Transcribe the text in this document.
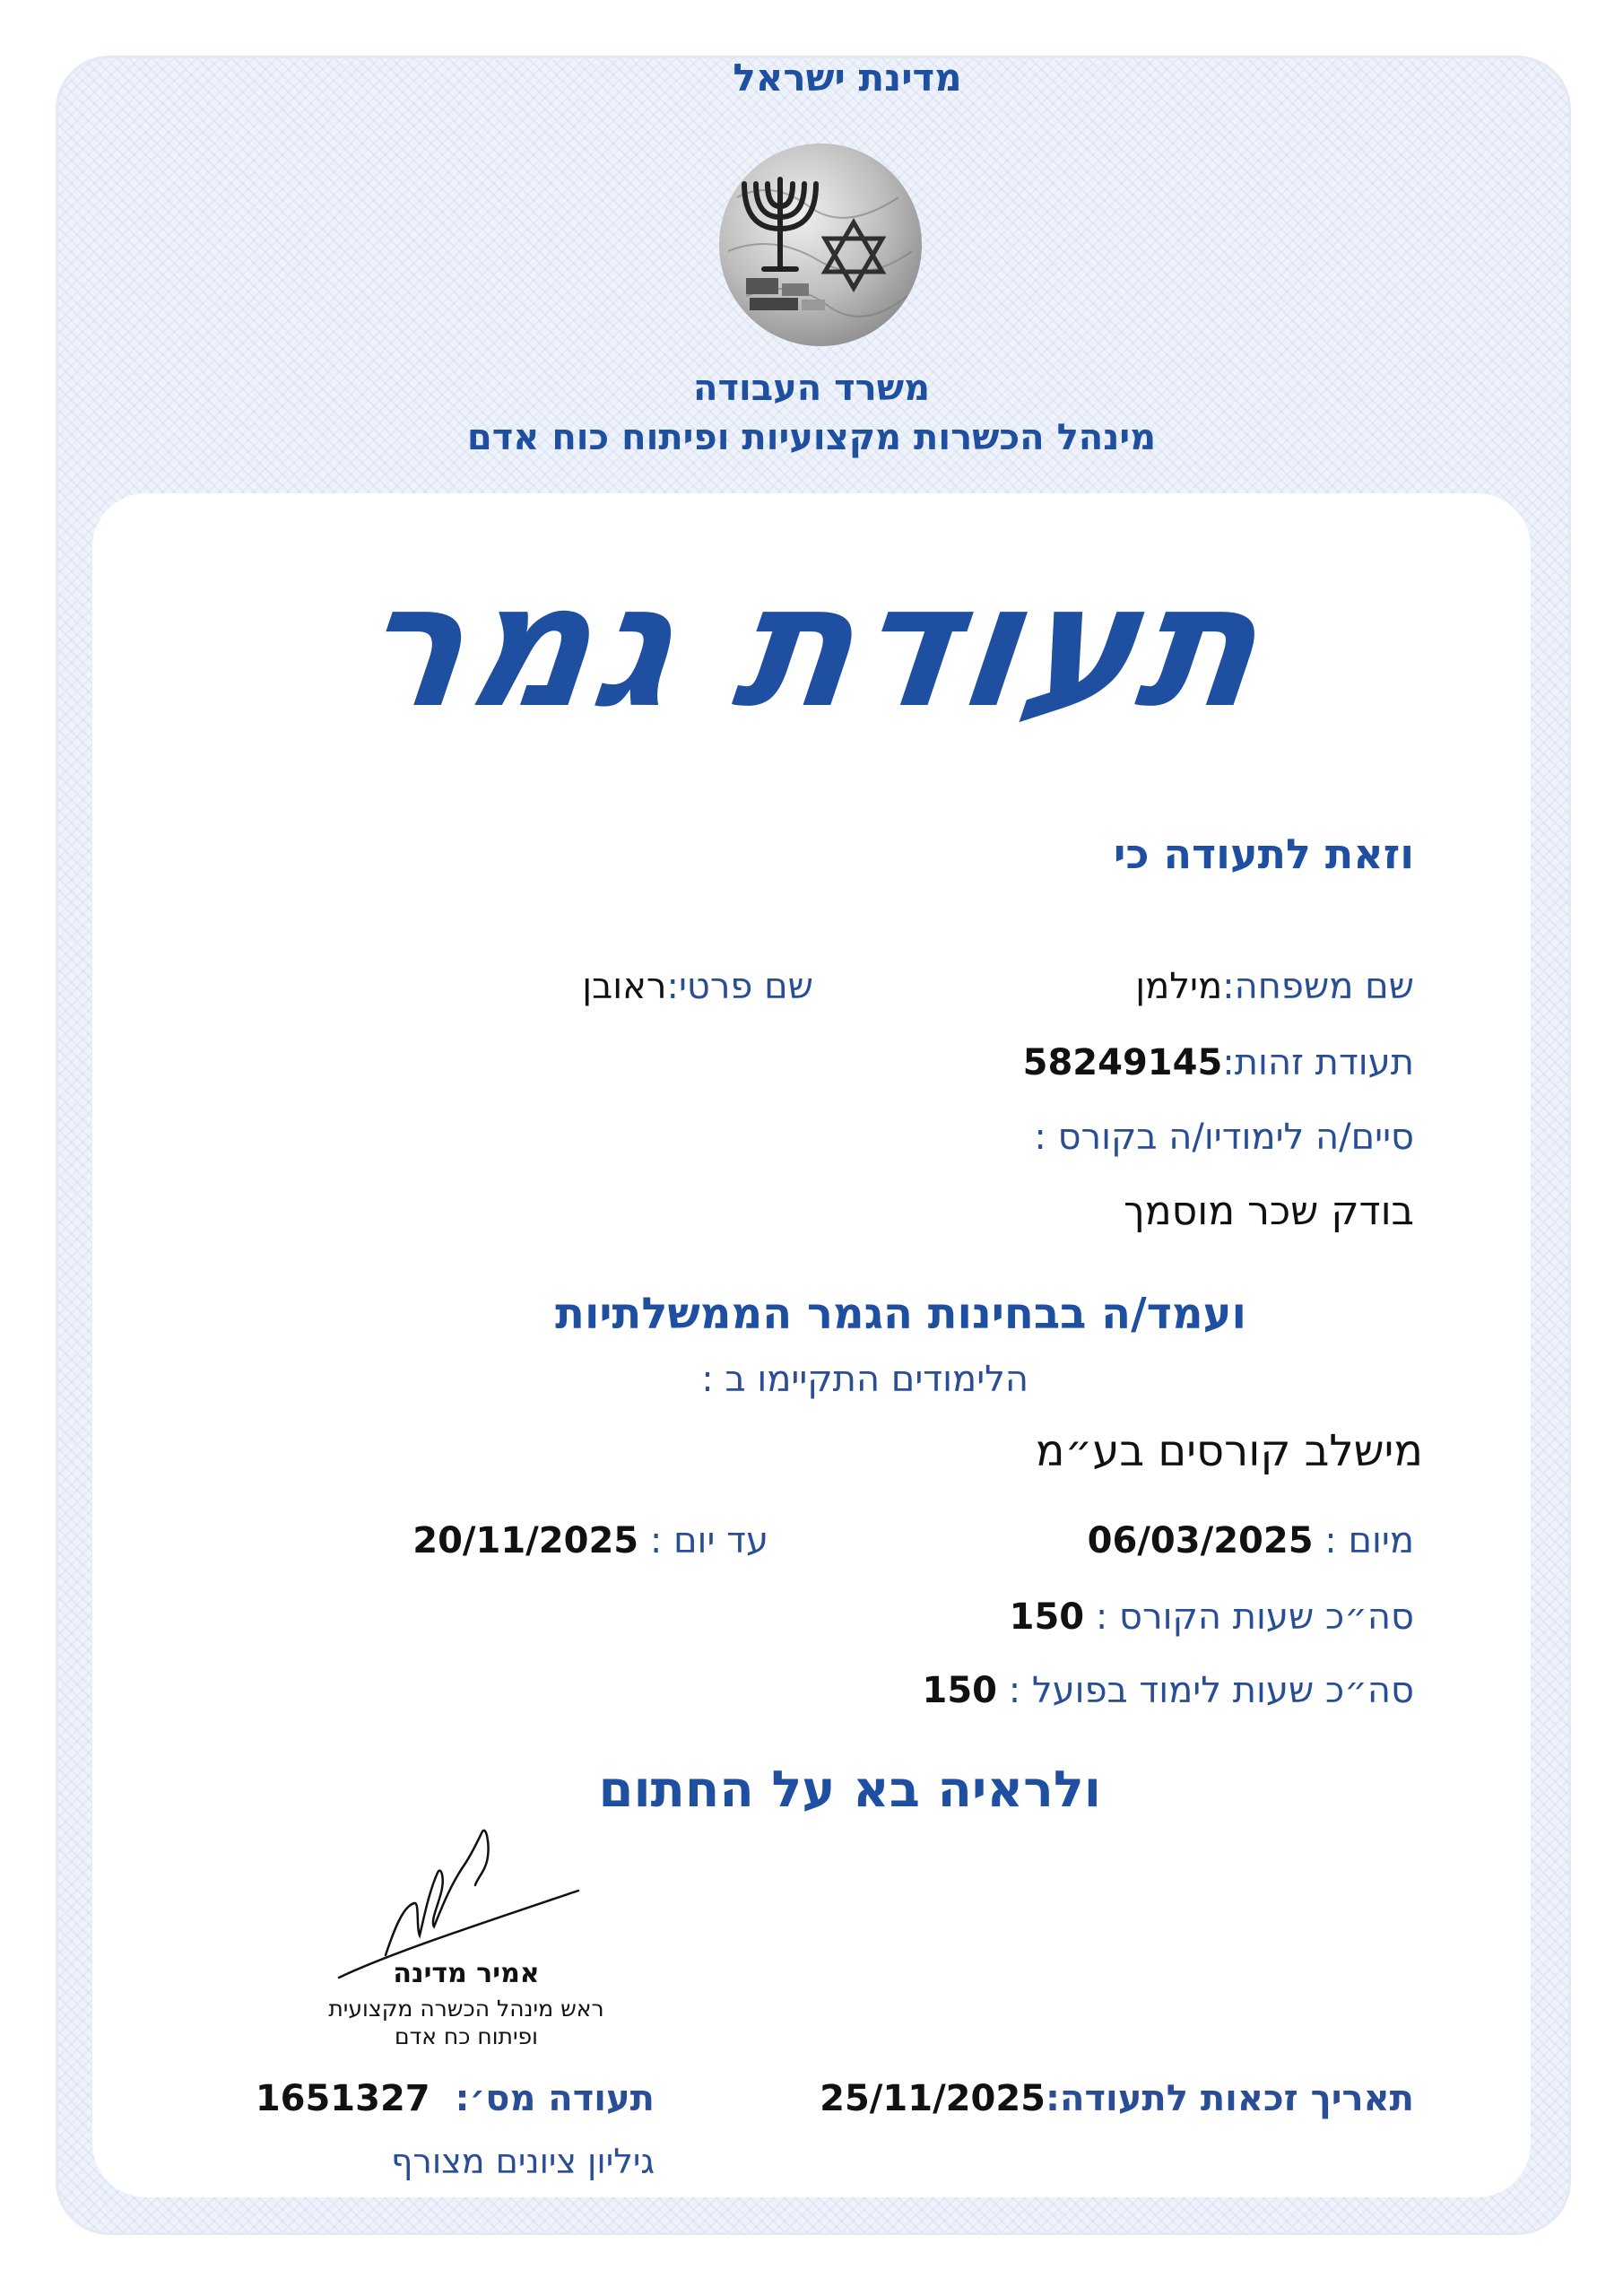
מדינת ישראל
משרד העבודה
מינהל הכשרות מקצועיות ופיתוח כוח אדם
תעודת גמר
וזאת לתעודה כי
שם משפחה:מילמן
שם פרטי:ראובן
תעודת זהות:58249145
סיים/ה לימודיו/ה בקורס :
בודק שכר מוסמך
ועמד/ה בבחינות הגמר הממשלתיות
הלימודים התקיימו ב :
מישלב קורסים בע״מ
מיום : 06/03/2025
עד יום : 20/11/2025
סה״כ שעות הקורס : 150
סה״כ שעות לימוד בפועל : 150
ולראיה בא על החתום
אמיר מדינה
ראש מינהל הכשרה מקצועית
ופיתוח כח אדם
תאריך זכאות לתעודה:25/11/2025
תעודה מס׳:  1651327
גיליון ציונים מצורף
